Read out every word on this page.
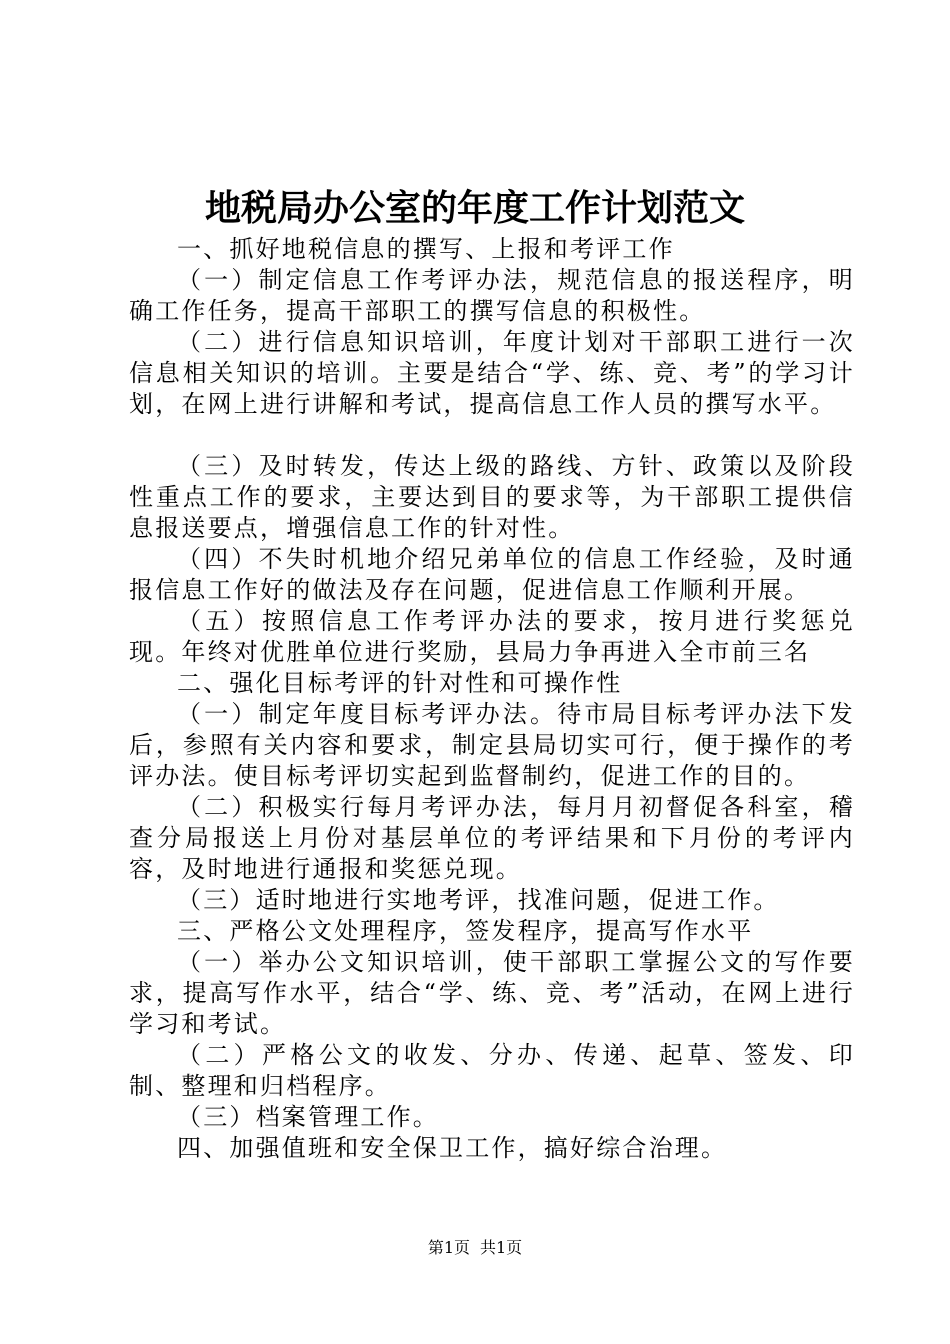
地税局办公室的年度工作计划范文

一、抓好地税信息的撰写、上报和考评工作

（一）制定信息工作考评办法，规范信息的报送程序，明确工作任务，提高干部职工的撰写信息的积极性。

（二）进行信息知识培训，年度计划对干部职工进行一次信息相关知识的培训。主要是结合“学、练、竞、考”的学习计划，在网上进行讲解和考试，提高信息工作人员的撰写水平。

（三）及时转发，传达上级的路线、方针、政策以及阶段性重点工作的要求，主要达到目的要求等，为干部职工提供信息报送要点，增强信息工作的针对性。

（四）不失时机地介绍兄弟单位的信息工作经验，及时通报信息工作好的做法及存在问题，促进信息工作顺利开展。

（五）按照信息工作考评办法的要求，按月进行奖惩兑现。年终对优胜单位进行奖励，县局力争再进入全市前三名

二、强化目标考评的针对性和可操作性

（一）制定年度目标考评办法。待市局目标考评办法下发后，参照有关内容和要求，制定县局切实可行，便于操作的考评办法。使目标考评切实起到监督制约，促进工作的目的。

（二）积极实行每月考评办法，每月月初督促各科室，稽查分局报送上月份对基层单位的考评结果和下月份的考评内容，及时地进行通报和奖惩兑现。

（三）适时地进行实地考评，找准问题，促进工作。

三、严格公文处理程序，签发程序，提高写作水平

（一）举办公文知识培训，使干部职工掌握公文的写作要求，提高写作水平，结合“学、练、竞、考”活动，在网上进行学习和考试。

（二）严格公文的收发、分办、传递、起草、签发、印制、整理和归档程序。

（三）档案管理工作。

四、加强值班和安全保卫工作，搞好综合治理。

第1页 共1页
